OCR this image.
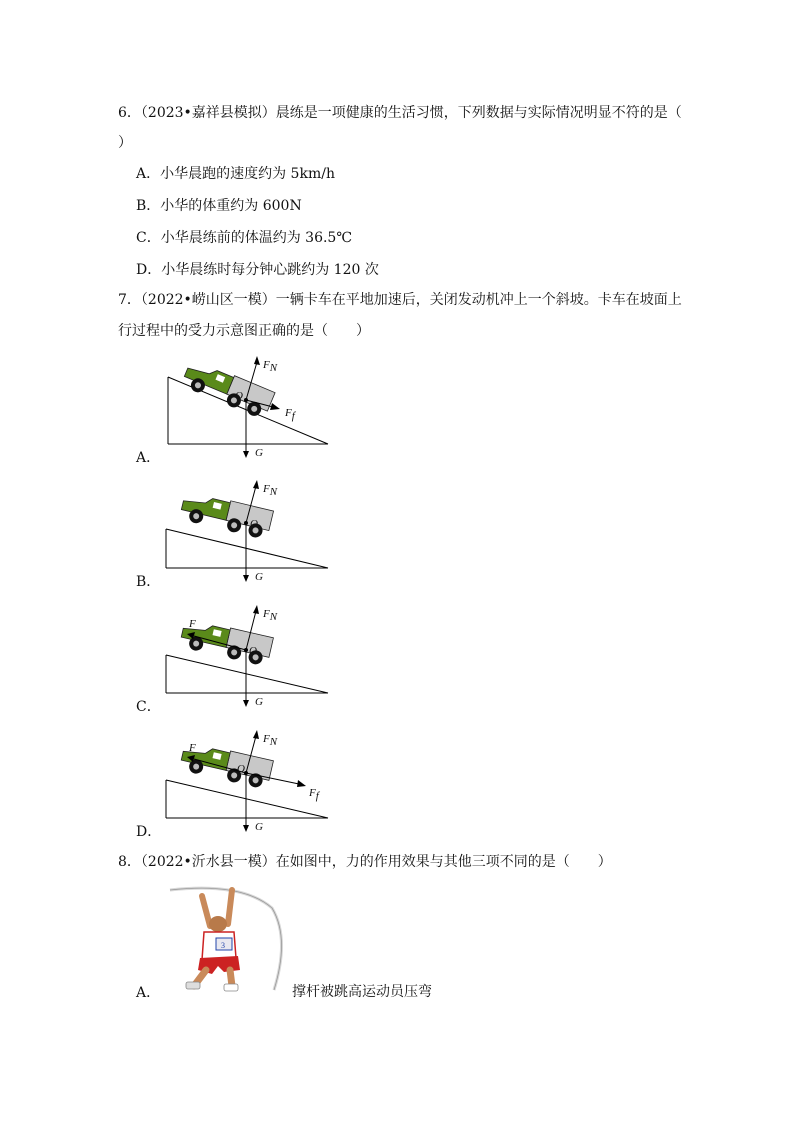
6．（2023•嘉祥县模拟）晨练是一项健康的生活习惯，下列数据与实际情况明显不符的是（
）
A．小华晨跑的速度约为 5km/h
B．小华的体重约为 600N
C．小华晨练前的体温约为 36.5℃
D．小华晨练时每分钟心跳约为 120 次
7．（2022•崂山区一模）一辆卡车在平地加速后，关闭发动机冲上一个斜坡。卡车在坡面上
行过程中的受力示意图正确的是（　　）
A．
FN
G
Ff
O
B．
FN
G
O
C．
FN
G
F
O
D．
FN
G
F
Ff
O
8．（2022•沂水县一模）在如图中，力的作用效果与其他三项不同的是（　　）
3
A．	撑杆被跳高运动员压弯
